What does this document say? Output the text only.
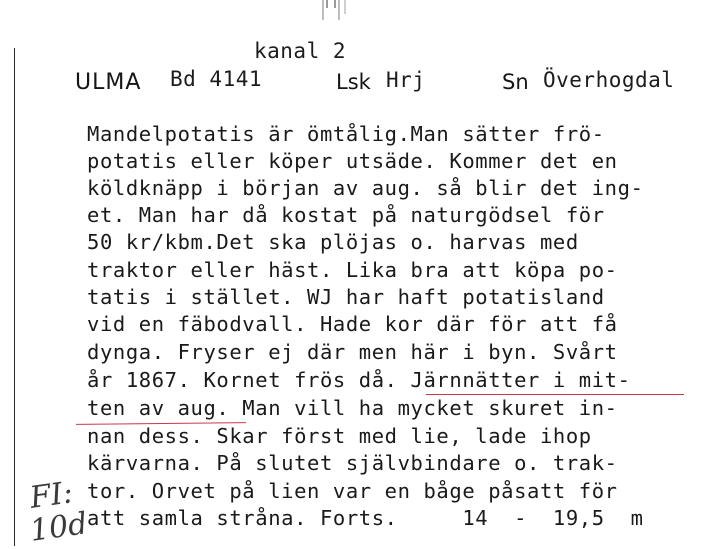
kanal 2
ULMA Bd 4141	Lsk Hrj	Sn Överhogdal
Mandelpotatis är ömtålig.Man sätter frö-
potatis eller köper utsäde. Kommer det en
köldknäpp i början av aug. så blir det ing-
et. Man har då kostat på naturgödsel för
50 kr/kbm.Det ska plöjas o. harvas med
traktor eller häst. Lika bra att köpa po-
tatis i stället. WJ har haft potatisland
vid en fäbodvall. Hade kor där för att få
dynga. Fryser ej där men här i byn. Svårt
år 1867. Kornet frös då. Järnnätter i mit-
ten av aug. Man vill ha mycket skuret in-
nan dess. Skar först med lie, lade ihop
kärvarna. På slutet självbindare o. trak-
tor. Orvet på lien var en båge påsatt för
att samla stråna. Forts.     14  -  19,5  m
FI:
10d
